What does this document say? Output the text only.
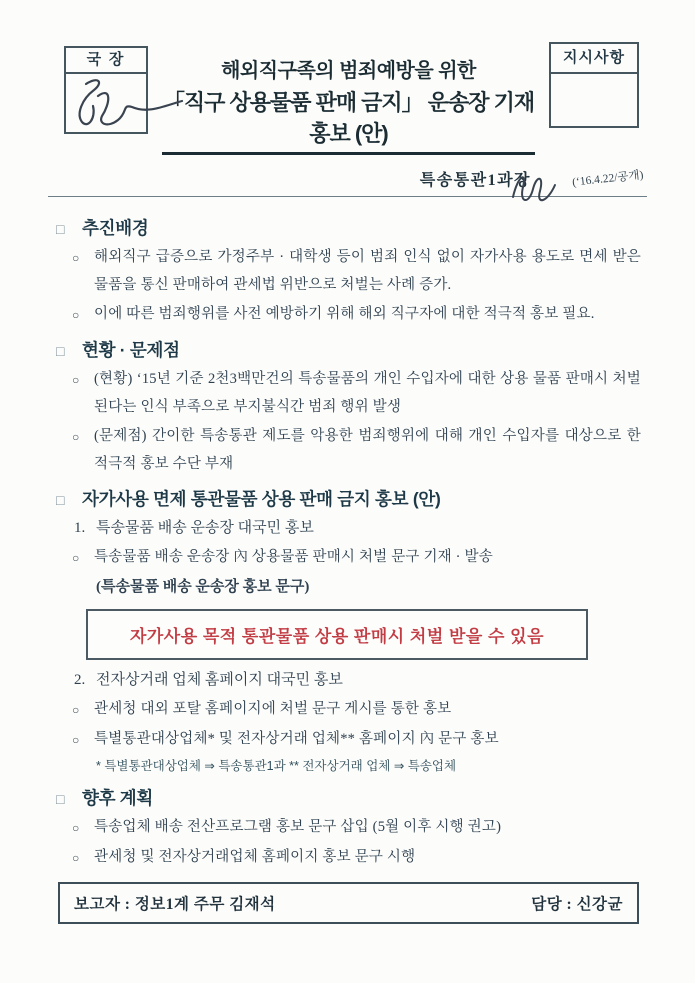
국 장	해외직구족의 범죄예방을 위한
「직구 상용물품 판매 금지」 운송장 기재 홍보 (안)
지시사항
특송통관1과장	(‘16.4.22/공개)
□	추진배경
○	해외직구 급증으로 가정주부 · 대학생 등이 범죄 인식 없이 자가사용 용도로 면세 받은 물품을 통신 판매하여 관세법 위반으로 처벌는 사례 증가.
○	이에 따른 범죄행위를 사전 예방하기 위해 해외 직구자에 대한 적극적 홍보 필요.
□	현황 · 문제점
○	(현황) ‘15년 기준 2천3백만건의 특송물품의 개인 수입자에 대한 상용 물품 판매시 처벌된다는 인식 부족으로 부지불식간 범죄 행위 발생
○	(문제점) 간이한 특송통관 제도를 악용한 범죄행위에 대해 개인 수입자를 대상으로 한 적극적 홍보 수단 부재
□	자가사용 면제 통관물품 상용 판매 금지 홍보 (안)
1. 특송물품 배송 운송장 대국민 홍보
○	특송물품 배송 운송장 內 상용물품 판매시 처벌 문구 기재 · 발송
(특송물품 배송 운송장 홍보 문구)
자가사용 목적 통관물품 상용 판매시 처벌 받을 수 있음
2. 전자상거래 업체 홈페이지 대국민 홍보
○	관세청 대외 포탈 홈페이지에 처벌 문구 게시를 통한 홍보
○	특별통관대상업체* 및 전자상거래 업체** 홈페이지 內 문구 홍보
* 특별통관대상업체 ⇒ 특송통관1과 ** 전자상거래 업체 ⇒ 특송업체
□	향후 계획
○	특송업체 배송 전산프로그램 홍보 문구 삽입 (5월 이후 시행 권고)
○	관세청 및 전자상거래업체 홈페이지 홍보 문구 시행
보고자 : 정보1계 주무 김재석	담당 : 신강균
